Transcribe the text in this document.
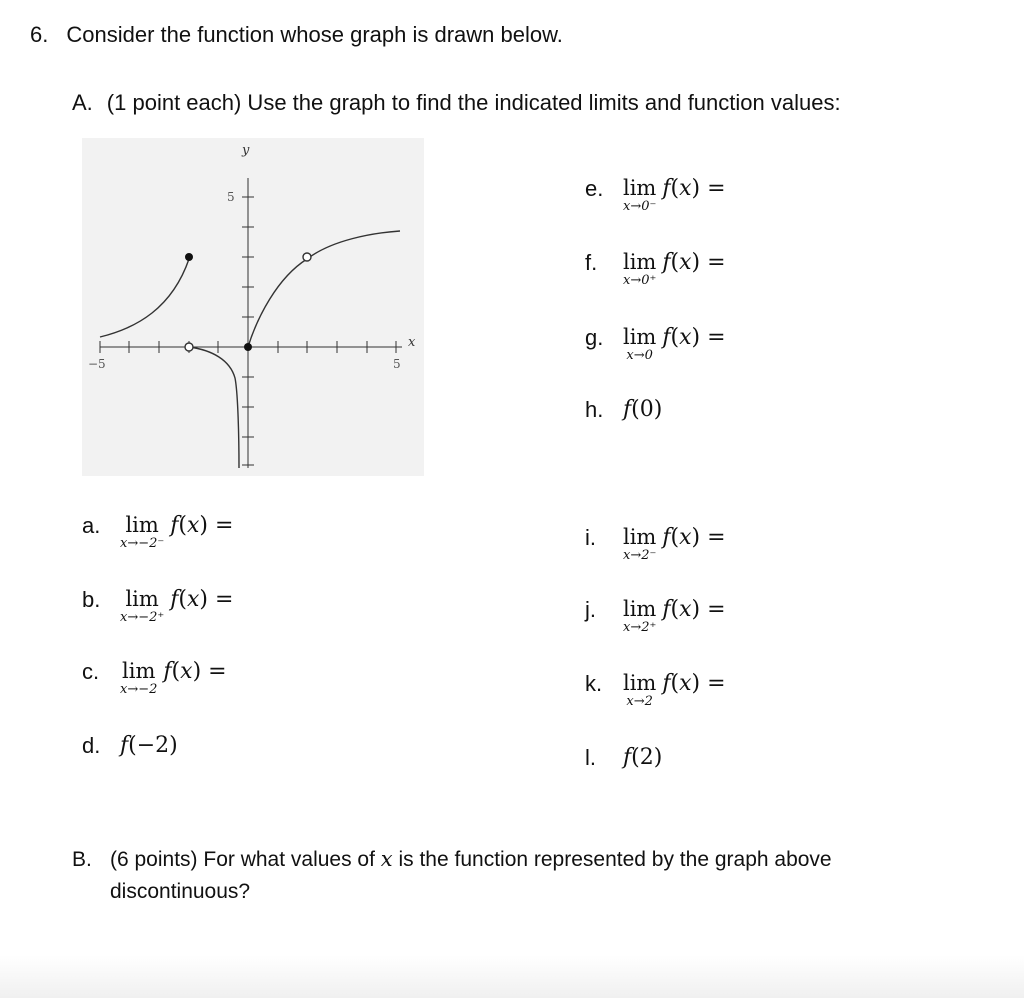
6. Consider the function whose graph is drawn below.
A. (1 point each) Use the graph to find the indicated limits and function values:
y
x
−5	5
5	e. lim
x→0⁻
f(x) =
f.	lim
x→0⁺
f(x) =
g. lim
x→0
f(x) =
h. f(0)
a.	lim
x→−2⁻
f(x) =
b.	lim
x→−2⁺
f(x) =
c.	lim
x→−2
f(x) =
d. f(−2)
i.	lim
x→2⁻
f(x) =
j.	lim
x→2⁺
f(x) =
k. lim
x→2
f(x) =
l.	f(2)
B. (6 points) For what values of x is the function represented by the graph above
discontinuous?
